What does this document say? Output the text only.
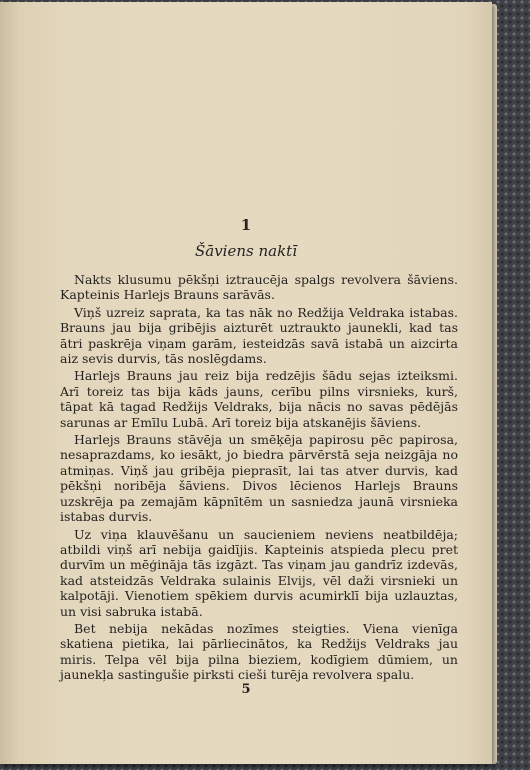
1

Šāviens naktī

Nakts klusumu pēkšņi iztraucēja spalgs revolvera šāviens. Kapteinis Harlejs Brauns sarāvās.

Viņš uzreiz saprata, ka tas nāk no Redžija Veldraka istabas. Brauns jau bija gribējis aizturēt uztraukto jaunekli, kad tas ātri paskrēja viņam garām, iesteidzās savā istabā un aizcirta aiz sevis durvis, tās noslēgdams.

Harlejs Brauns jau reiz bija redzējis šādu sejas izteiksmi. Arī toreiz tas bija kāds jauns, cerību pilns virsnieks, kurš, tāpat kā tagad Redžijs Veldraks, bija nācis no savas pēdējās sarunas ar Emīlu Lubā. Arī toreiz bija atskanējis šāviens.

Harlejs Brauns stāvēja un smēķēja papirosu pēc papirosa, nesaprazdams, ko iesākt, jo biedra pārvērstā seja neizgāja no atmiņas. Viņš jau gribēja pieprasīt, lai tas atver durvis, kad pēkšņi noribēja šāviens. Divos lēcienos Harlejs Brauns uzskrēja pa zemajām kāpnītēm un sasniedza jaunā virsnieka istabas durvis.

Uz viņa klauvēšanu un saucieniem neviens neatbildēja; atbildi viņš arī nebija gaidījis. Kapteinis atspieda plecu pret durvīm un mēģināja tās izgāzt. Tas viņam jau gandrīz izdevās, kad atsteidzās Veldraka sulainis Elvijs, vēl daži virsnieki un kalpotāji. Vienotiem spēkiem durvis acumirklī bija uzlauztas, un visi sabruka istabā.

Bet nebija nekādas nozīmes steigties. Viena vienīga skatiena pietika, lai pārliecinātos, ka Redžijs Veldraks jau miris. Telpa vēl bija pilna bieziem, kodīgiem dūmiem, un jaunekļa sastingušie pirksti cieši turēja revolvera spalu.

5
